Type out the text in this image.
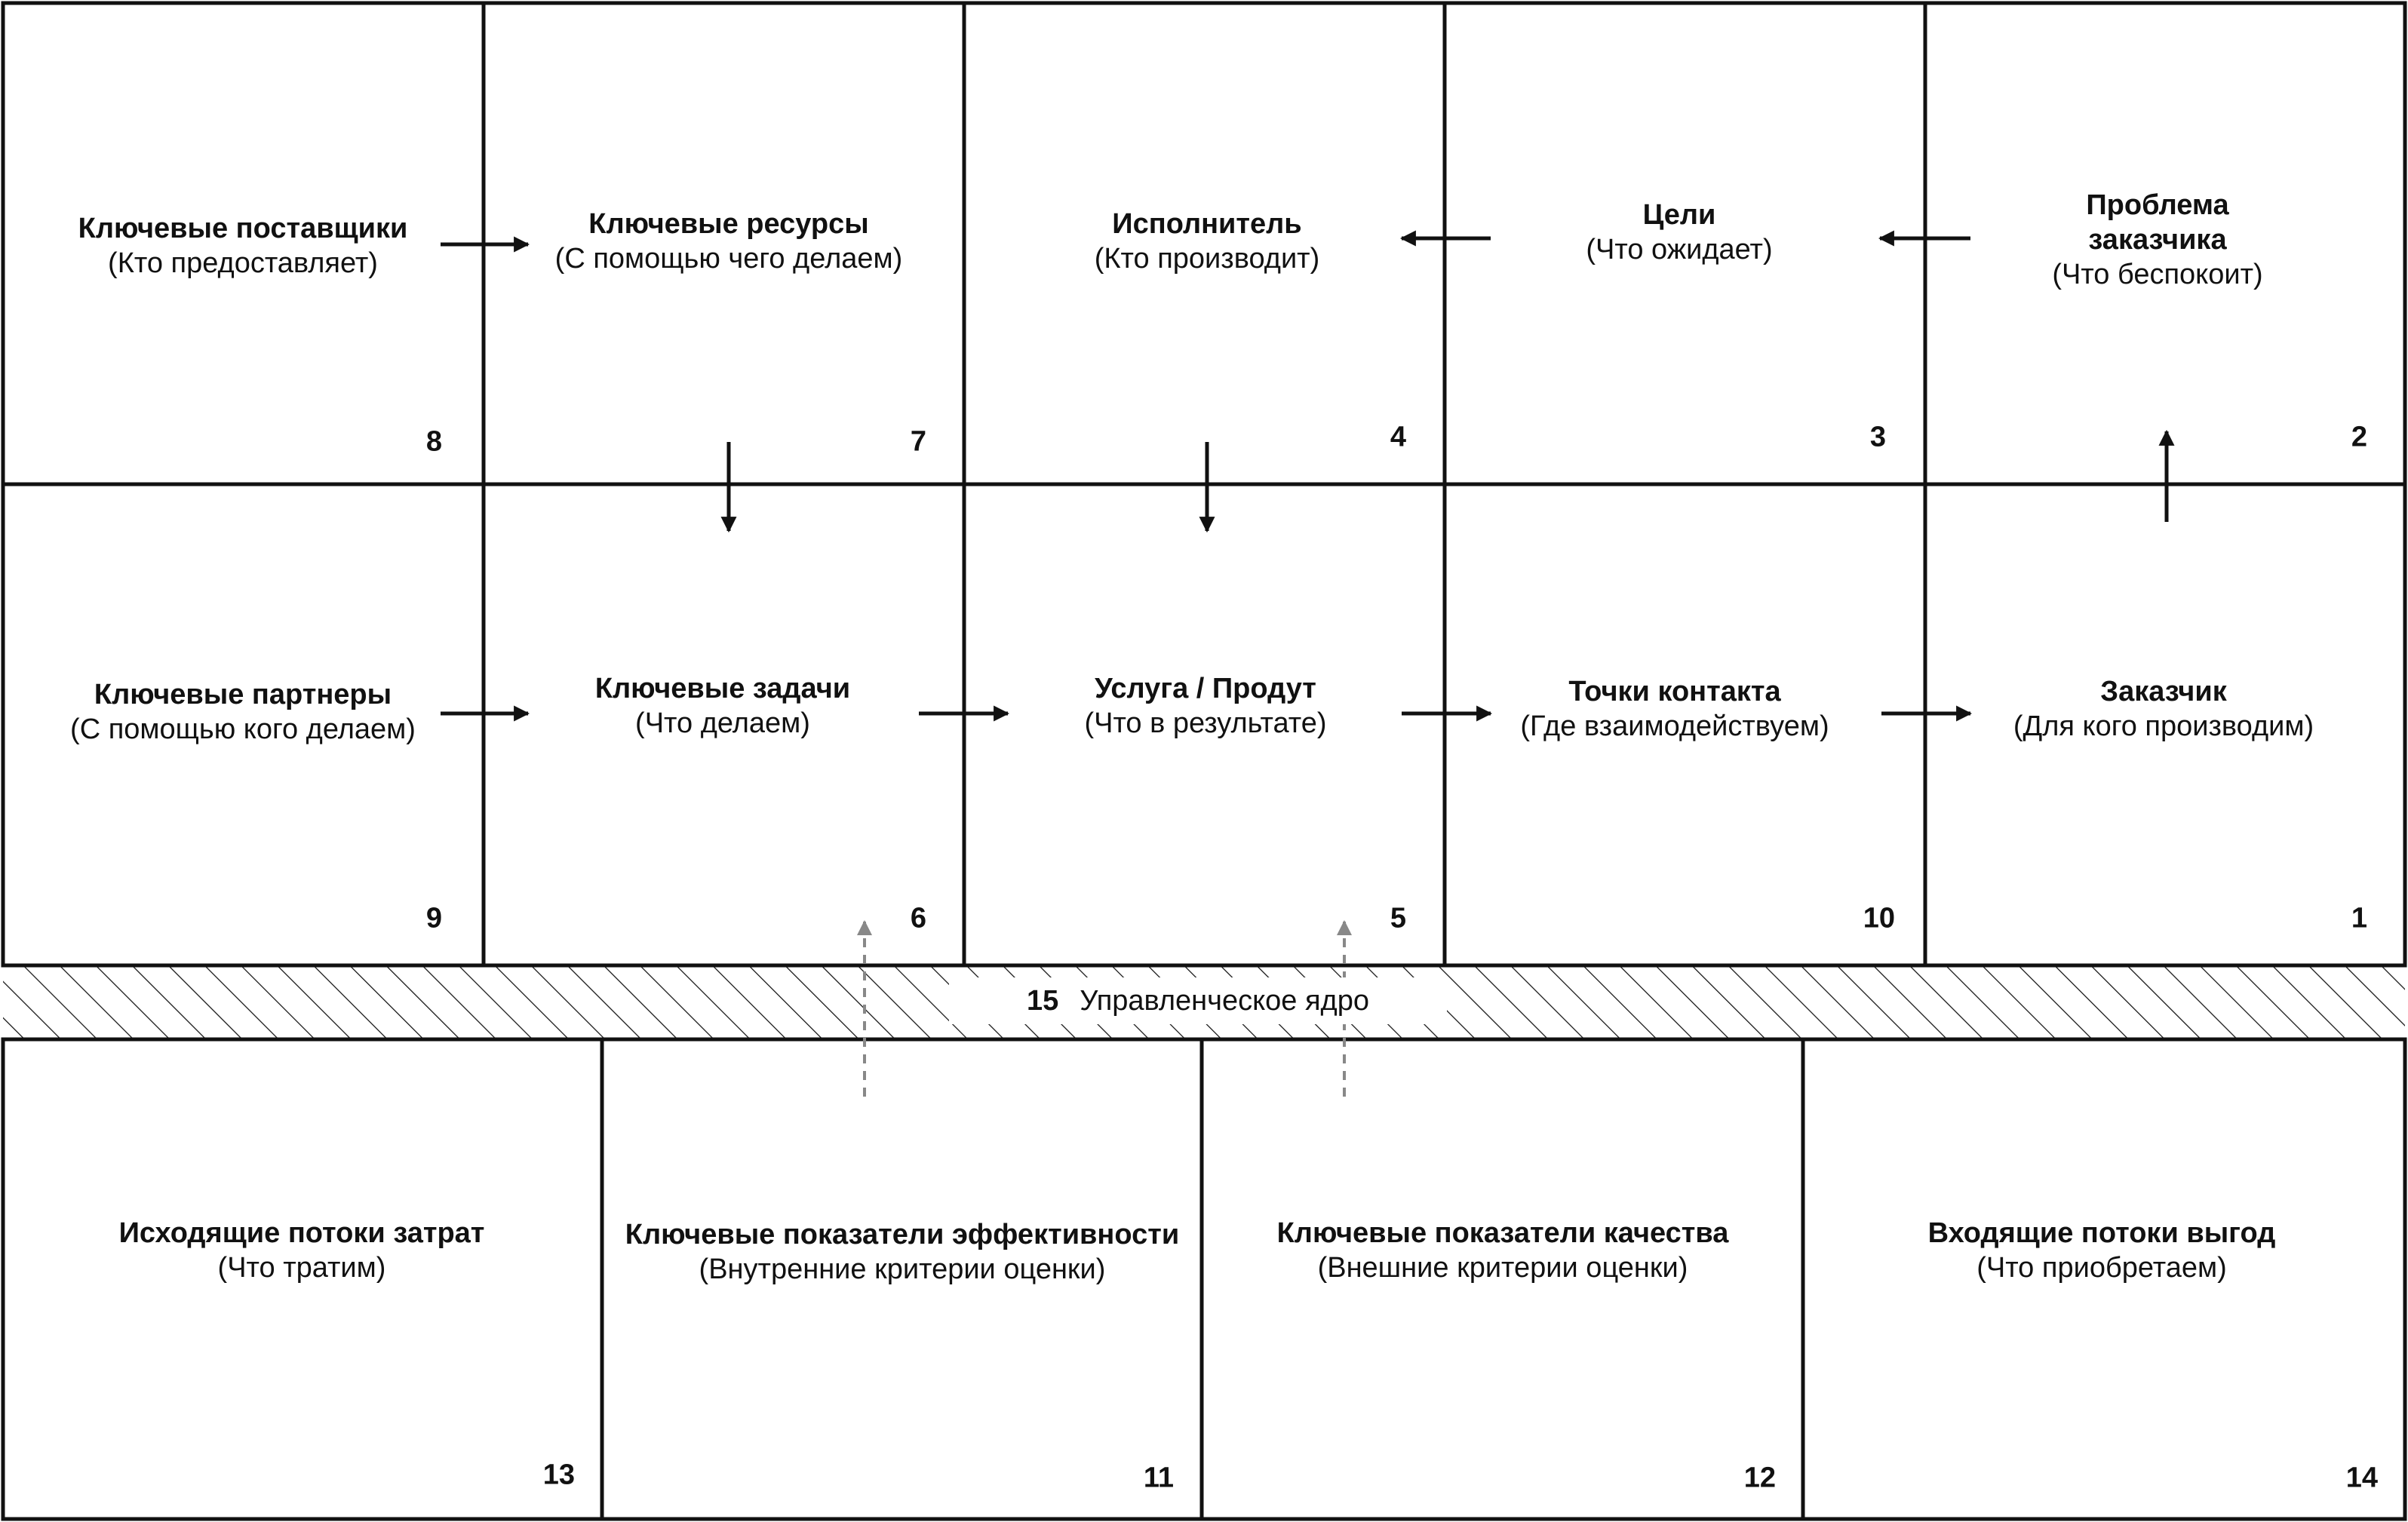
Ключевые поставщики
(Кто предоставляет)
Ключевые ресурсы
(С помощью чего делаем)
Исполнитель
(Кто производит)
Цели
(Что ожидает)
Проблема
заказчика
(Что беспокоит)
Ключевые партнеры
(С помощью кого делаем)
Ключевые задачи
(Что делаем)
Услуга / Продут
(Что в результате)
Точки контакта
(Где взаимодействуем)
Заказчик
(Для кого производим)
Исходящие потоки затрат
(Что тратим)
Ключевые показатели эффективности
(Внутренние критерии оценки)
Ключевые показатели качества
(Внешние критерии оценки)
Входящие потоки выгод
(Что приобретаем)
8	7	4	3	2
9	6	5	10	1
13	11	12	14
15 Управленческое ядро
